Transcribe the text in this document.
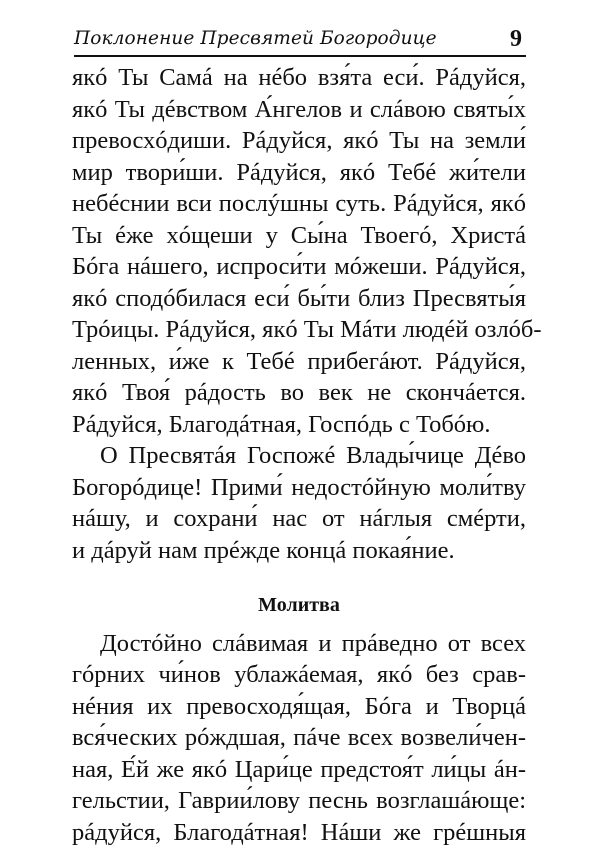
Поклонение Пресвятей Богородице	9
якó Ты Самá на нéбо взя́та еси́. Рáдуйся,
якó Ты дéвством А́нгелов и слáвою святы́х
превосхóдиши. Рáдуйся, якó Ты на земли́
мир твори́ши. Рáдуйся, якó Тебé жи́тели
небéснии вси послýшны суть. Рáдуйся, якó
Ты éже хóщеши у Сы́на Твоегó, Христá
Бóга нáшего, испроси́ти мóжеши. Рáдуйся,
якó сподóбилася еси́ бы́ти близ Пресвяты́я
Трóицы. Рáдуйся, якó Ты Мáти людéй озлóб-
ленных, и́же к Тебé прибегáют. Рáдуйся,
якó Твоя́ рáдость во век не скончáется.
Рáдуйся, Благодáтная, Госпóдь с Тобóю.
О Пресвятáя Госпожé Влады́чице Дéво
Богорóдице! Прими́ недостóйную моли́тву
нáшу, и сохрани́ нас от нáглыя смéрти,
и дáруй нам прéжде концá покая́ние.
Молитва
Достóйно слáвимая и прáведно от всех
гóрних чи́нов ублажáемая, якó без срав-
нéния их превосходя́щая, Бóга и Творцá
вся́ческих рóждшая, пáче всех возвели́чен-
ная, Е́й же якó Цари́це предстоя́т ли́цы áн-
гельстии, Гаврии́лову песнь возглашáюще:
рáдуйся, Благодáтная! Нáши же грéшныя
